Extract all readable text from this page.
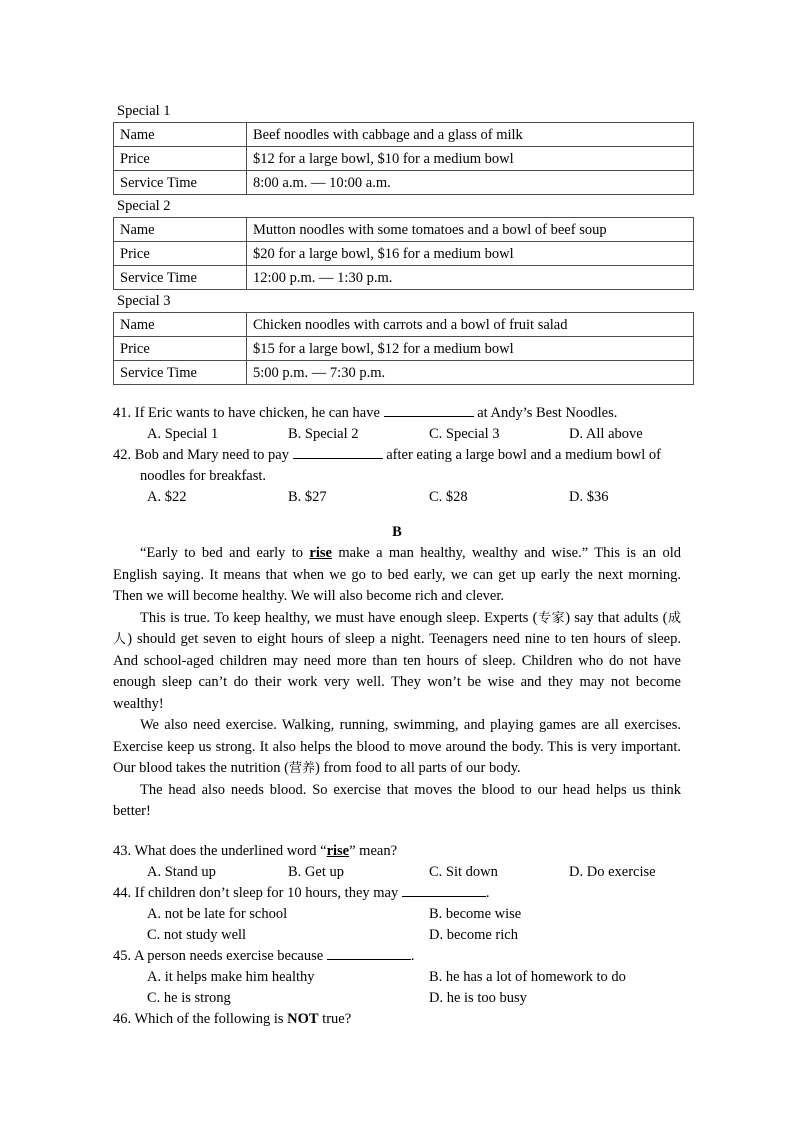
Special 1
Name	Beef noodles with cabbage and a glass of milk
Price	$12 for a large bowl, $10 for a medium bowl
Service Time	8:00 a.m. — 10:00 a.m.
Special 2
Name	Mutton noodles with some tomatoes and a bowl of beef soup
Price	$20 for a large bowl, $16 for a medium bowl
Service Time	12:00 p.m. — 1:30 p.m.
Special 3
Name	Chicken noodles with carrots and a bowl of fruit salad
Price	$15 for a large bowl, $12 for a medium bowl
Service Time	5:00 p.m. — 7:30 p.m.
41. If Eric wants to have chicken, he can have	at Andy’s Best Noodles.
A. Special 1	B. Special 2	C. Special 3	D. All above
42. Bob and Mary need to pay	after eating a large bowl and a medium bowl of
noodles for breakfast.
A. $22	B. $27	C. $28	D. $36
B

“Early to bed and early to rise make a man healthy, wealthy and wise.” This is an old English saying. It means that when we go to bed early, we can get up early the next morning. Then we will become healthy. We will also become rich and clever.

This is true. To keep healthy, we must have enough sleep. Experts (专家) say that adults (成人) should get seven to eight hours of sleep a night. Teenagers need nine to ten hours of sleep. And school-aged children may need more than ten hours of sleep. Children who do not have enough sleep can’t do their work very well. They won’t be wise and they may not become wealthy!

We also need exercise. Walking, running, swimming, and playing games are all exercises. Exercise keep us strong. It also helps the blood to move around the body. This is very important. Our blood takes the nutrition (营养) from food to all parts of our body.

The head also needs blood. So exercise that moves the blood to our head helps us think better!

43. What does the underlined word “rise” mean?
A. Stand up	B. Get up	C. Sit down	D. Do exercise
44. If children don’t sleep for 10 hours, they may	.
A. not be late for school	B. become wise
C. not study well	D. become rich
45. A person needs exercise because	.
A. it helps make him healthy	B. he has a lot of homework to do
C. he is strong	D. he is too busy
46. Which of the following is NOT true?
